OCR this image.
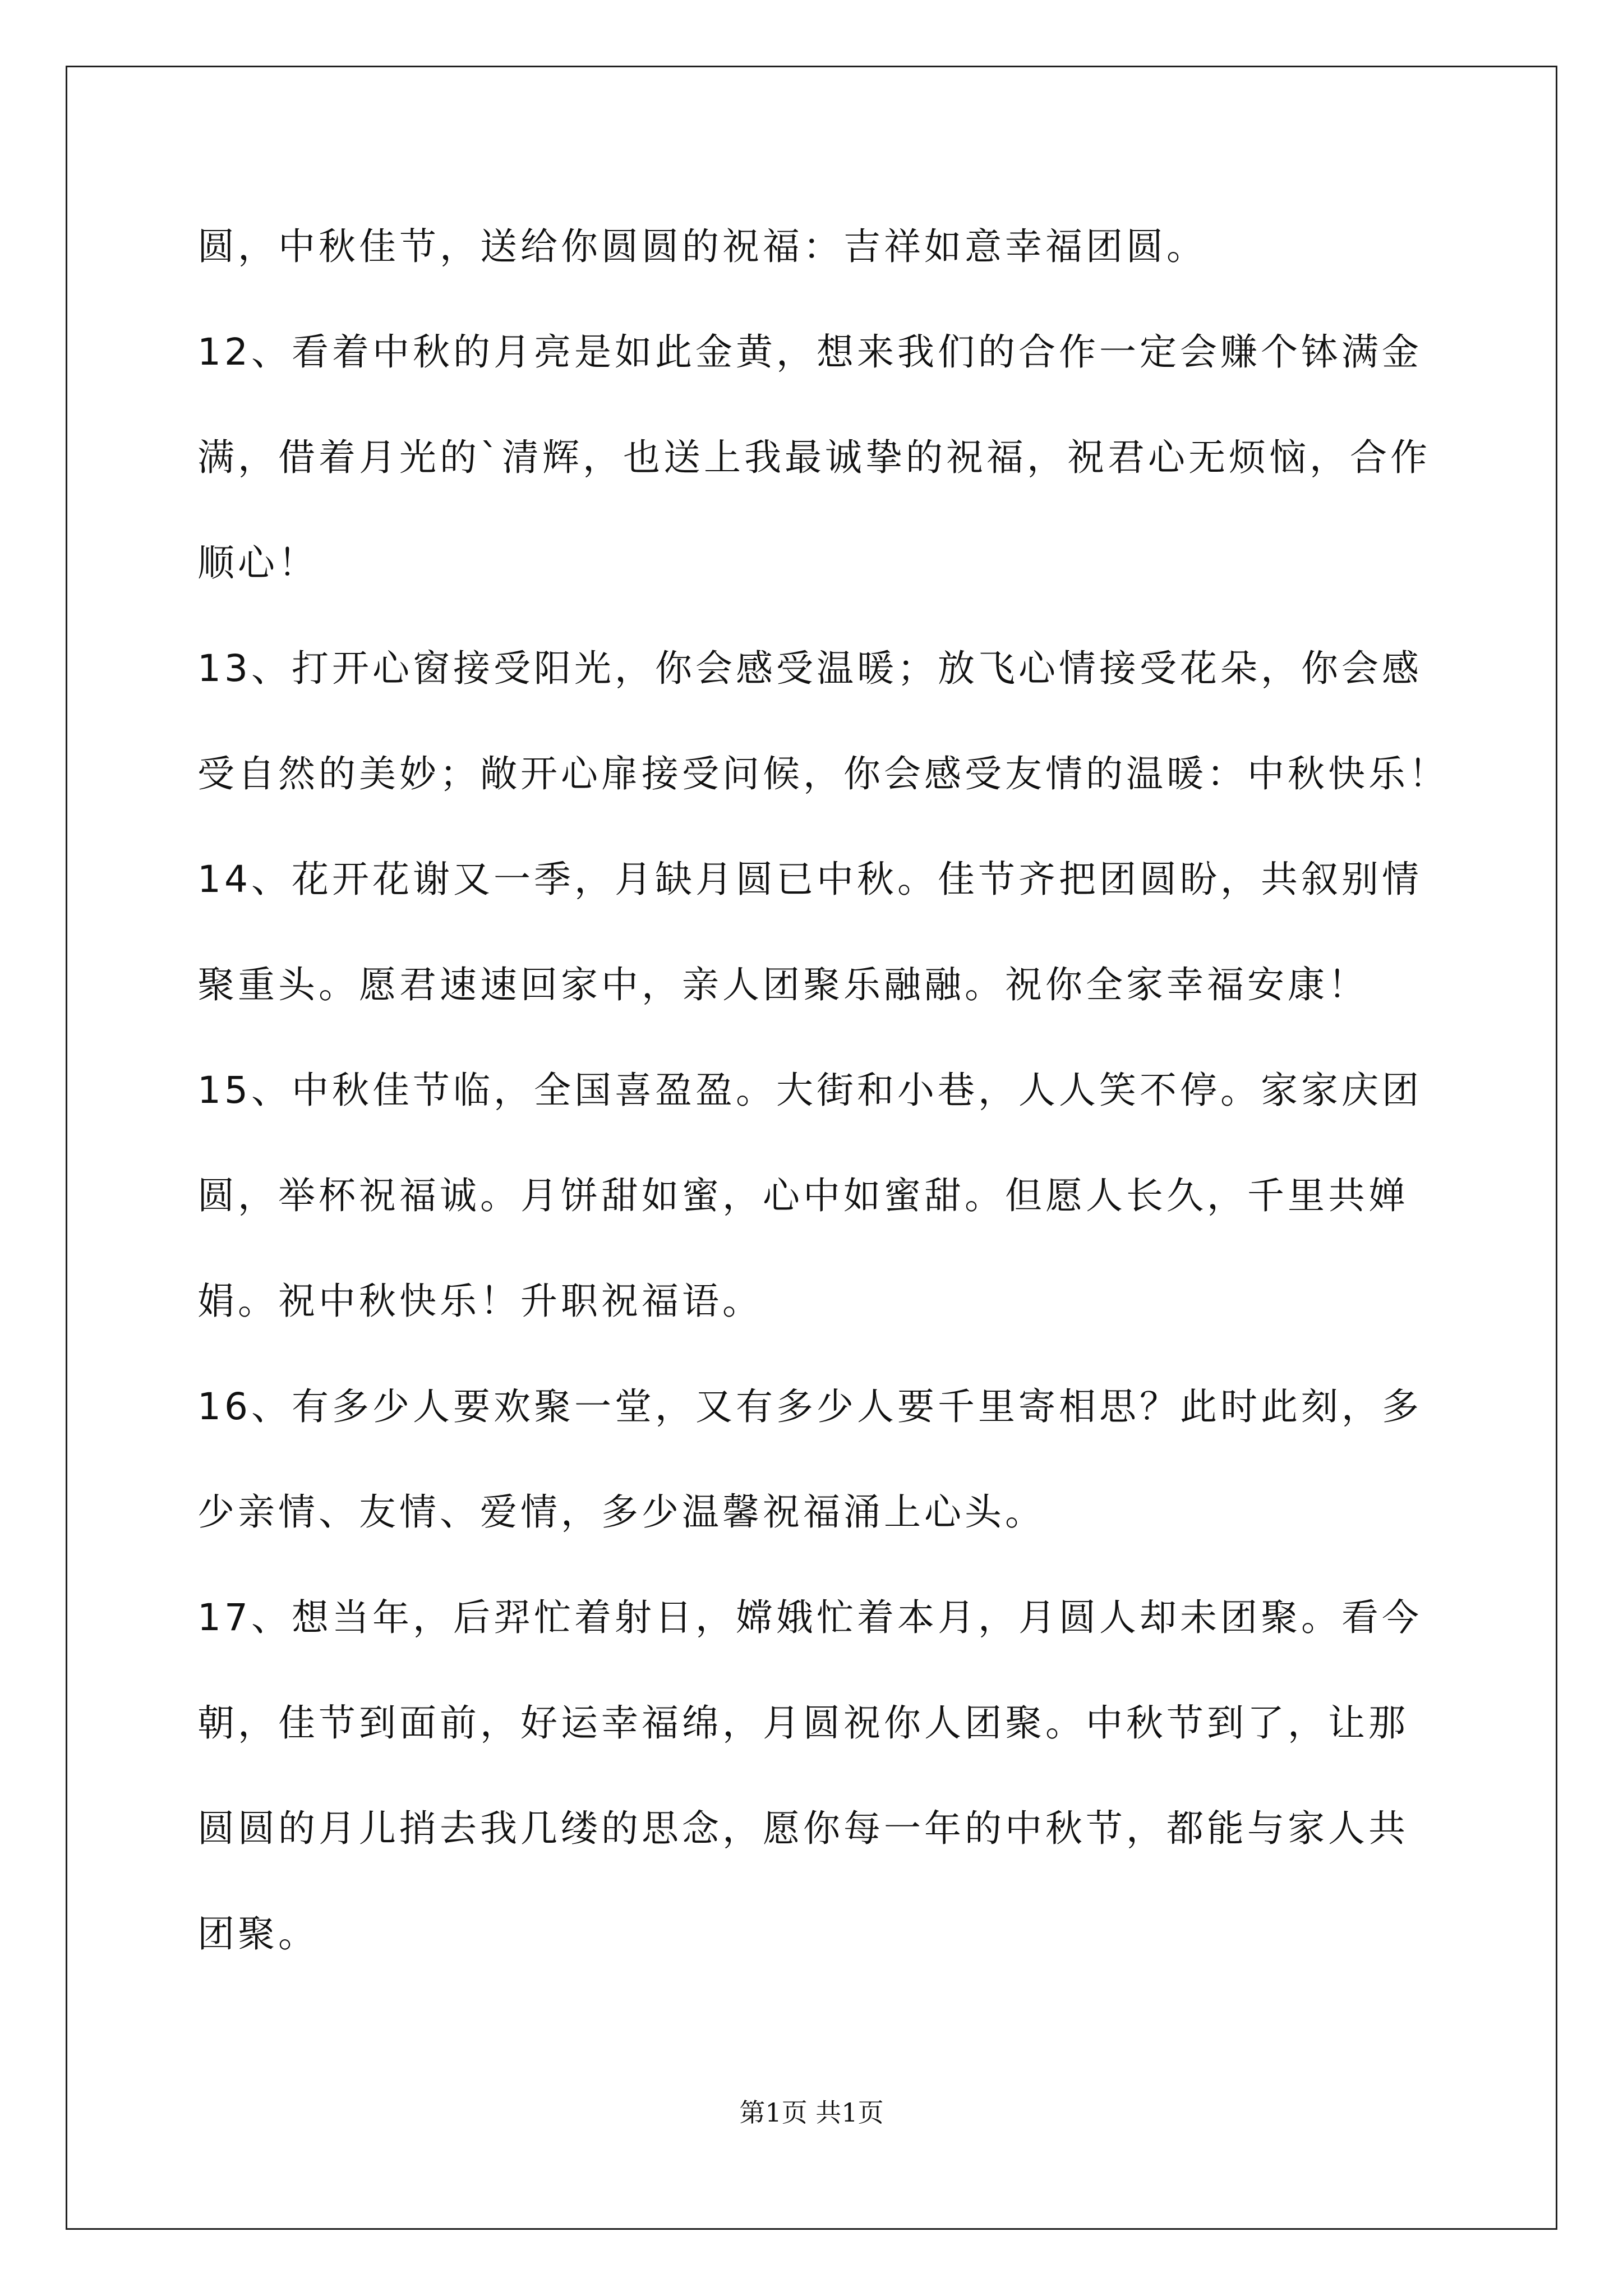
圆，中秋佳节，送给你圆圆的祝福：吉祥如意幸福团圆。
12、看着中秋的月亮是如此金黄，想来我们的合作一定会赚个钵满金
满，借着月光的`清辉，也送上我最诚挚的祝福，祝君心无烦恼，合作
顺心！
13、打开心窗接受阳光，你会感受温暖；放飞心情接受花朵，你会感
受自然的美妙；敞开心扉接受问候，你会感受友情的温暖：中秋快乐！
14、花开花谢又一季，月缺月圆已中秋。佳节齐把团圆盼，共叙别情
聚重头。愿君速速回家中，亲人团聚乐融融。祝你全家幸福安康！
15、中秋佳节临，全国喜盈盈。大街和小巷，人人笑不停。家家庆团
圆，举杯祝福诚。月饼甜如蜜，心中如蜜甜。但愿人长久，千里共婵
娟。祝中秋快乐！升职祝福语。
16、有多少人要欢聚一堂，又有多少人要千里寄相思？此时此刻，多
少亲情、友情、爱情，多少温馨祝福涌上心头。
17、想当年，后羿忙着射日，嫦娥忙着本月，月圆人却未团聚。看今
朝，佳节到面前，好运幸福绵，月圆祝你人团聚。中秋节到了，让那
圆圆的月儿捎去我几缕的思念，愿你每一年的中秋节，都能与家人共
团聚。
第1页 共1页
